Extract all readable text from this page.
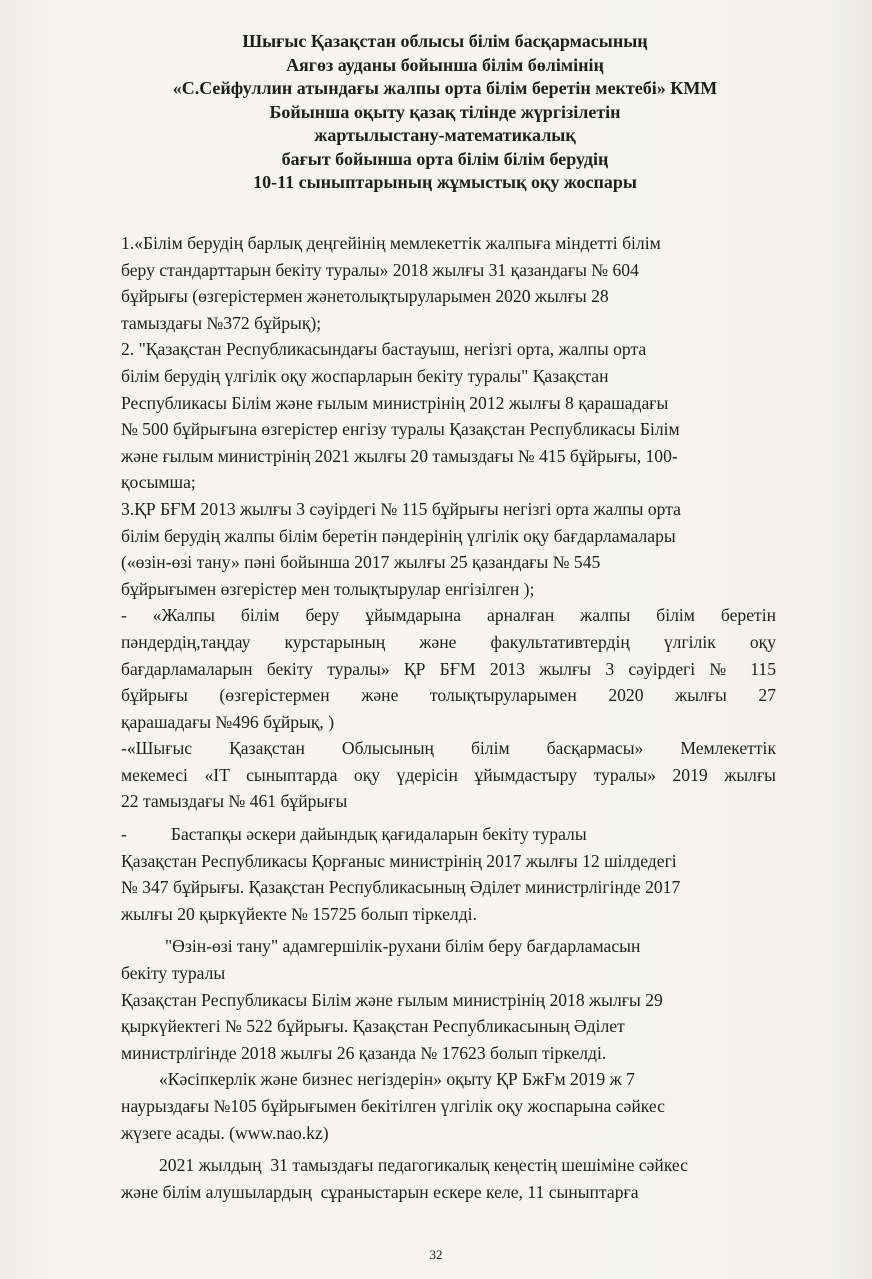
Шығыс Қазақстан облысы білім басқармасының
Аягөз ауданы бойынша білім бөлімінің
«С.Сейфуллин атындағы жалпы орта білім беретін мектебі» КММ
Бойынша оқыту қазақ тілінде жүргізілетін
жартылыстану-математикалық
бағыт бойынша орта білім білім берудің
10-11 сыныптарының жұмыстық оқу жоспары
1.«Білім берудің барлық деңгейінің мемлекеттік жалпыға міндетті білім
беру стандарттарын бекіту туралы» 2018 жылғы 31 қазандағы № 604
бұйрығы (өзгерістермен жәнетолықтыруларымен 2020 жылғы 28
тамыздағы №372 бұйрық);
2. "Қазақстан Республикасындағы бастауыш, негізгі орта, жалпы орта
білім берудің үлгілік оқу жоспарларын бекіту туралы" Қазақстан
Республикасы Білім және ғылым министрінің 2012 жылғы 8 қарашадағы
№ 500 бұйрығына өзгерістер енгізу туралы Қазақстан Республикасы Білім
және ғылым министрінің 2021 жылғы 20 тамыздағы № 415 бұйрығы, 100-
қосымша;
3.ҚР БҒМ 2013 жылғы 3 сәуірдегі № 115 бұйрығы негізгі орта жалпы орта
білім берудің жалпы білім беретін пәндерінің үлгілік оқу бағдарламалары
(«өзін-өзі тану» пәні бойынша 2017 жылғы 25 қазандағы № 545
бұйрығымен өзгерістер мен толықтырулар енгізілген );
- «Жалпы білім беру ұйымдарына арналған жалпы білім беретін
пәндердің,таңдау курстарының және факультативтердің үлгілік оқу
бағдарламаларын бекіту туралы» ҚР БҒМ 2013 жылғы 3 сәуірдегі № 115
бұйрығы (өзгерістермен және толықтыруларымен 2020 жылғы 27
қарашадағы №496 бұйрық, )
-«Шығыс Қазақстан Облысының білім басқармасы» Мемлекеттік
мекемесі «IT сыныптарда оқу үдерісін ұйымдастыру туралы» 2019 жылғы
22 тамыздағы № 461 бұйрығы
-          Бастапқы әскери дайындық қағидаларын бекіту туралы
Қазақстан Республикасы Қорғаныс министрінің 2017 жылғы 12 шілдедегі
№ 347 бұйрығы. Қазақстан Республикасының Әділет министрлігінде 2017
жылғы 20 қыркүйекте № 15725 болып тіркелді.
"Өзін-өзі тану" адамгершілік-рухани білім беру бағдарламасын
бекіту туралы
Қазақстан Республикасы Білім және ғылым министрінің 2018 жылғы 29
қыркүйектегі № 522 бұйрығы. Қазақстан Республикасының Әділет
министрлігінде 2018 жылғы 26 қазанда № 17623 болып тіркелді.
«Кәсіпкерлік және бизнес негіздерін» оқыту ҚР БжҒм 2019 ж 7
наурыздағы №105 бұйрығымен бекітілген үлгілік оқу жоспарына сәйкес
жүзеге асады. (www.nao.kz)
2021 жылдың  31 тамыздағы педагогикалық кеңестің шешіміне сәйкес
және білім алушылардың  сұраныстарын ескере келе, 11 сыныптарға
32
